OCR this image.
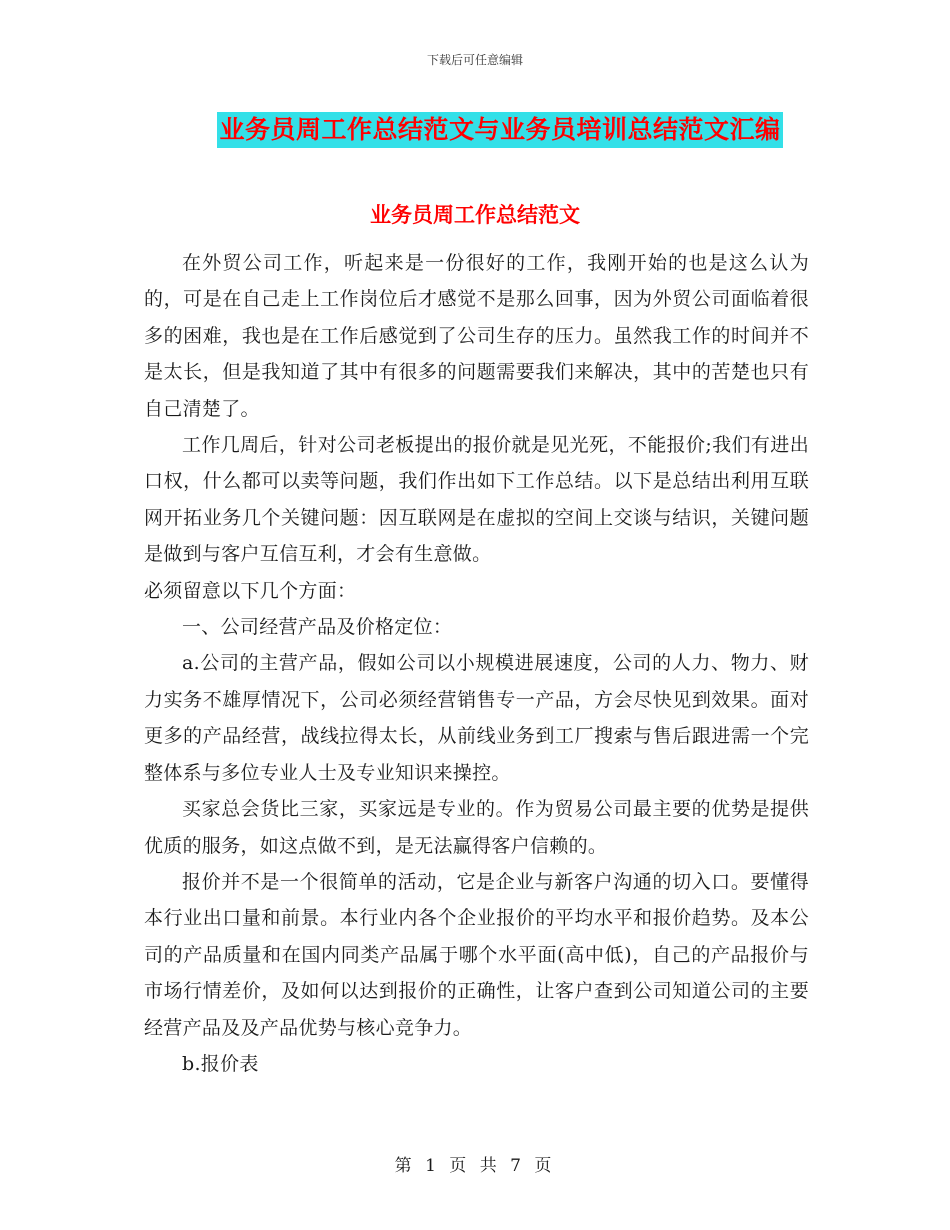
下载后可任意编辑
业务员周工作总结范文与业务员培训总结范文汇编
业务员周工作总结范文

在外贸公司工作，听起来是一份很好的工作，我刚开始的也是这么认为的，可是在自己走上工作岗位后才感觉不是那么回事，因为外贸公司面临着很多的困难，我也是在工作后感觉到了公司生存的压力。虽然我工作的时间并不是太长，但是我知道了其中有很多的问题需要我们来解决，其中的苦楚也只有自己清楚了。

工作几周后，针对公司老板提出的报价就是见光死，不能报价;我们有进出口权，什么都可以卖等问题，我们作出如下工作总结。以下是总结出利用互联网开拓业务几个关键问题：因互联网是在虚拟的空间上交谈与结识，关键问题是做到与客户互信互利，才会有生意做。

必须留意以下几个方面：

一、公司经营产品及价格定位：

a.公司的主营产品，假如公司以小规模进展速度，公司的人力、物力、财力实务不雄厚情况下，公司必须经营销售专一产品，方会尽快见到效果。面对更多的产品经营，战线拉得太长，从前线业务到工厂搜索与售后跟进需一个完整体系与多位专业人士及专业知识来操控。

买家总会货比三家，买家远是专业的。作为贸易公司最主要的优势是提供优质的服务，如这点做不到，是无法赢得客户信赖的。

报价并不是一个很简单的活动，它是企业与新客户沟通的切入口。要懂得本行业出口量和前景。本行业内各个企业报价的平均水平和报价趋势。及本公司的产品质量和在国内同类产品属于哪个水平面(高中低)，自己的产品报价与市场行情差价，及如何以达到报价的正确性，让客户查到公司知道公司的主要经营产品及及产品优势与核心竞争力。

b.报价表

第 1 页 共 7 页
